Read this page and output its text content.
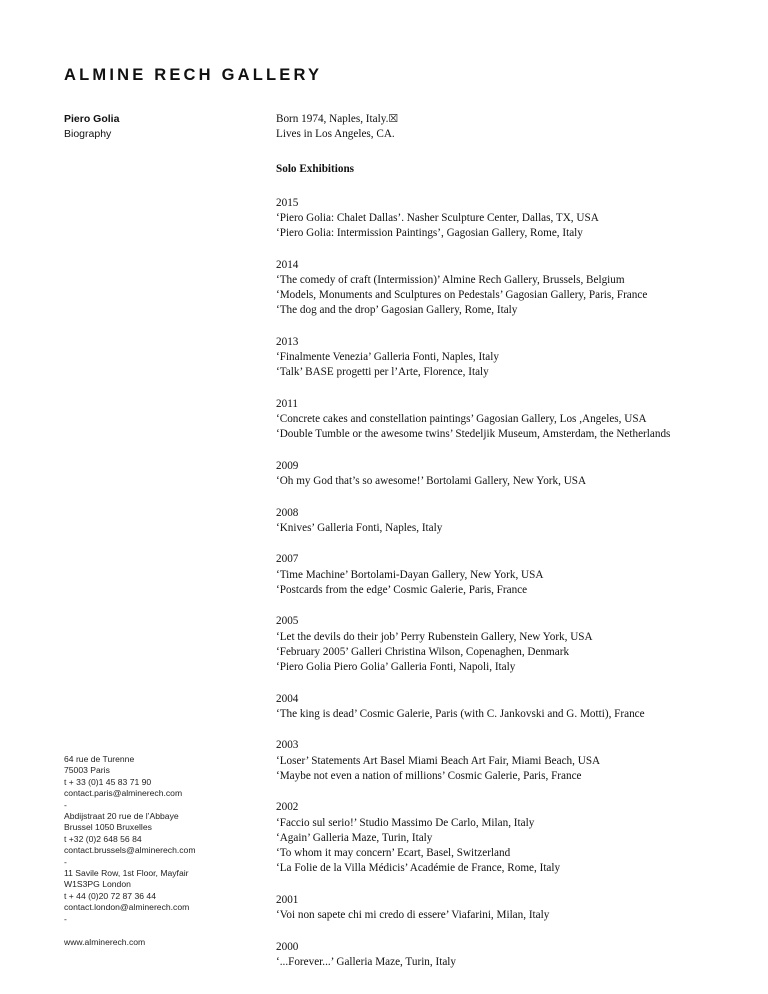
ALMINE RECH GALLERY
Piero Golia
Biography

Born 1974, Naples, Italy.☒

Lives in Los Angeles, CA.

Solo Exhibitions

2015

‘Piero Golia: Chalet Dallas’. Nasher Sculpture Center, Dallas, TX, USA

‘Piero Golia: Intermission Paintings’, Gagosian Gallery, Rome, Italy

2014

‘The comedy of craft (Intermission)’ Almine Rech Gallery, Brussels, Belgium

‘Models, Monuments and Sculptures on Pedestals’ Gagosian Gallery, Paris, France

‘The dog and the drop’ Gagosian Gallery, Rome, Italy

2013

‘Finalmente Venezia’ Galleria Fonti, Naples, Italy

‘Talk’ BASE progetti per l’Arte, Florence, Italy

2011

‘Concrete cakes and constellation paintings’ Gagosian Gallery, Los ,Angeles, USA

‘Double Tumble or the awesome twins’ Stedeljik Museum, Amsterdam, the Netherlands

2009

‘Oh my God that’s so awesome!’ Bortolami Gallery, New York, USA

2008

‘Knives’ Galleria Fonti, Naples, Italy

2007

‘Time Machine’ Bortolami-Dayan Gallery, New York, USA

‘Postcards from the edge’ Cosmic Galerie, Paris, France

2005

‘Let the devils do their job’ Perry Rubenstein Gallery, New York, USA

‘February 2005’ Galleri Christina Wilson, Copenaghen, Denmark

‘Piero Golia Piero Golia’ Galleria Fonti, Napoli, Italy

2004

‘The king is dead’ Cosmic Galerie, Paris (with C. Jankovski and G. Motti), France

2003

‘Loser’ Statements Art Basel Miami Beach Art Fair, Miami Beach, USA

‘Maybe not even a nation of millions’ Cosmic Galerie, Paris, France

2002

‘Faccio sul serio!’ Studio Massimo De Carlo, Milan, Italy

‘Again’ Galleria Maze, Turin, Italy

‘To whom it may concern’ Ecart, Basel, Switzerland

‘La Folie de la Villa Médicis’ Académie de France, Rome, Italy

2001

‘Voi non sapete chi mi credo di essere’ Viafarini, Milan, Italy

2000

‘...Forever...’ Galleria Maze, Turin, Italy

64 rue de Turenne
75003 Paris
t + 33 (0)1 45 83 71 90
contact.paris@alminerech.com
-
Abdijstraat 20 rue de l’Abbaye
Brussel 1050 Bruxelles
t +32 (0)2 648 56 84
contact.brussels@alminerech.com
-
11 Savile Row, 1st Floor, Mayfair
W1S3PG London
t + 44 (0)20 72 87 36 44
contact.london@alminerech.com
-
www.alminerech.com
